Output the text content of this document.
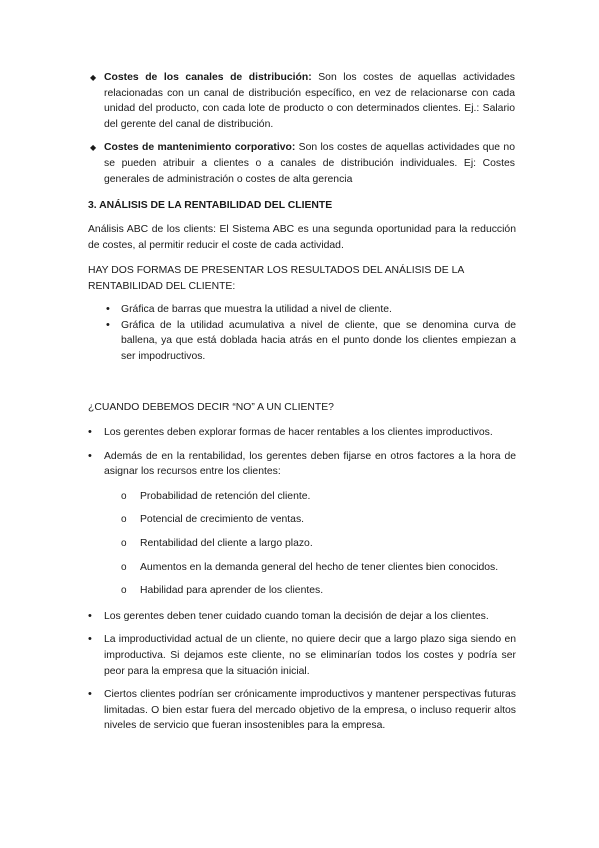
◆ Costes de los canales de distribución: Son los costes de aquellas actividades relacionadas con un canal de distribución específico, en vez de relacionarse con cada unidad del producto, con cada lote de producto o con determinados clientes. Ej.: Salario del gerente del canal de distribución.
◆ Costes de mantenimiento corporativo: Son los costes de aquellas actividades que no se pueden atribuir a clientes o a canales de distribución individuales. Ej: Costes generales de administración o costes de alta gerencia

3. ANÁLISIS DE LA RENTABILIDAD DEL CLIENTE

Análisis ABC de los clients: El Sistema ABC es una segunda oportunidad para la reducción de costes, al permitir reducir el coste de cada actividad.

HAY DOS FORMAS DE PRESENTAR LOS RESULTADOS DEL ANÁLISIS DE LA RENTABILIDAD DEL CLIENTE:

• Gráfica de barras que muestra la utilidad a nivel de cliente.
• Gráfica de la utilidad acumulativa a nivel de cliente, que se denomina curva de ballena, ya que está doblada hacia atrás en el punto donde los clientes empiezan a ser impodructivos.

¿CUANDO DEBEMOS DECIR “NO” A UN CLIENTE?

• Los gerentes deben explorar formas de hacer rentables a los clientes improductivos.
• Además de en la rentabilidad, los gerentes deben fijarse en otros factores a la hora de asignar los recursos entre los clientes:
o Probabilidad de retención del cliente.
o Potencial de crecimiento de ventas.
o Rentabilidad del cliente a largo plazo.
o Aumentos en la demanda general del hecho de tener clientes bien conocidos.
o Habilidad para aprender de los clientes.
• Los gerentes deben tener cuidado cuando toman la decisión de dejar a los clientes.
• La improductividad actual de un cliente, no quiere decir que a largo plazo siga siendo en improductiva. Si dejamos este cliente, no se eliminarían todos los costes y podría ser peor para la empresa que la situación inicial.
• Ciertos clientes podrían ser crónicamente improductivos y mantener perspectivas futuras limitadas. O bien estar fuera del mercado objetivo de la empresa, o incluso requerir altos niveles de servicio que fueran insostenibles para la empresa.
